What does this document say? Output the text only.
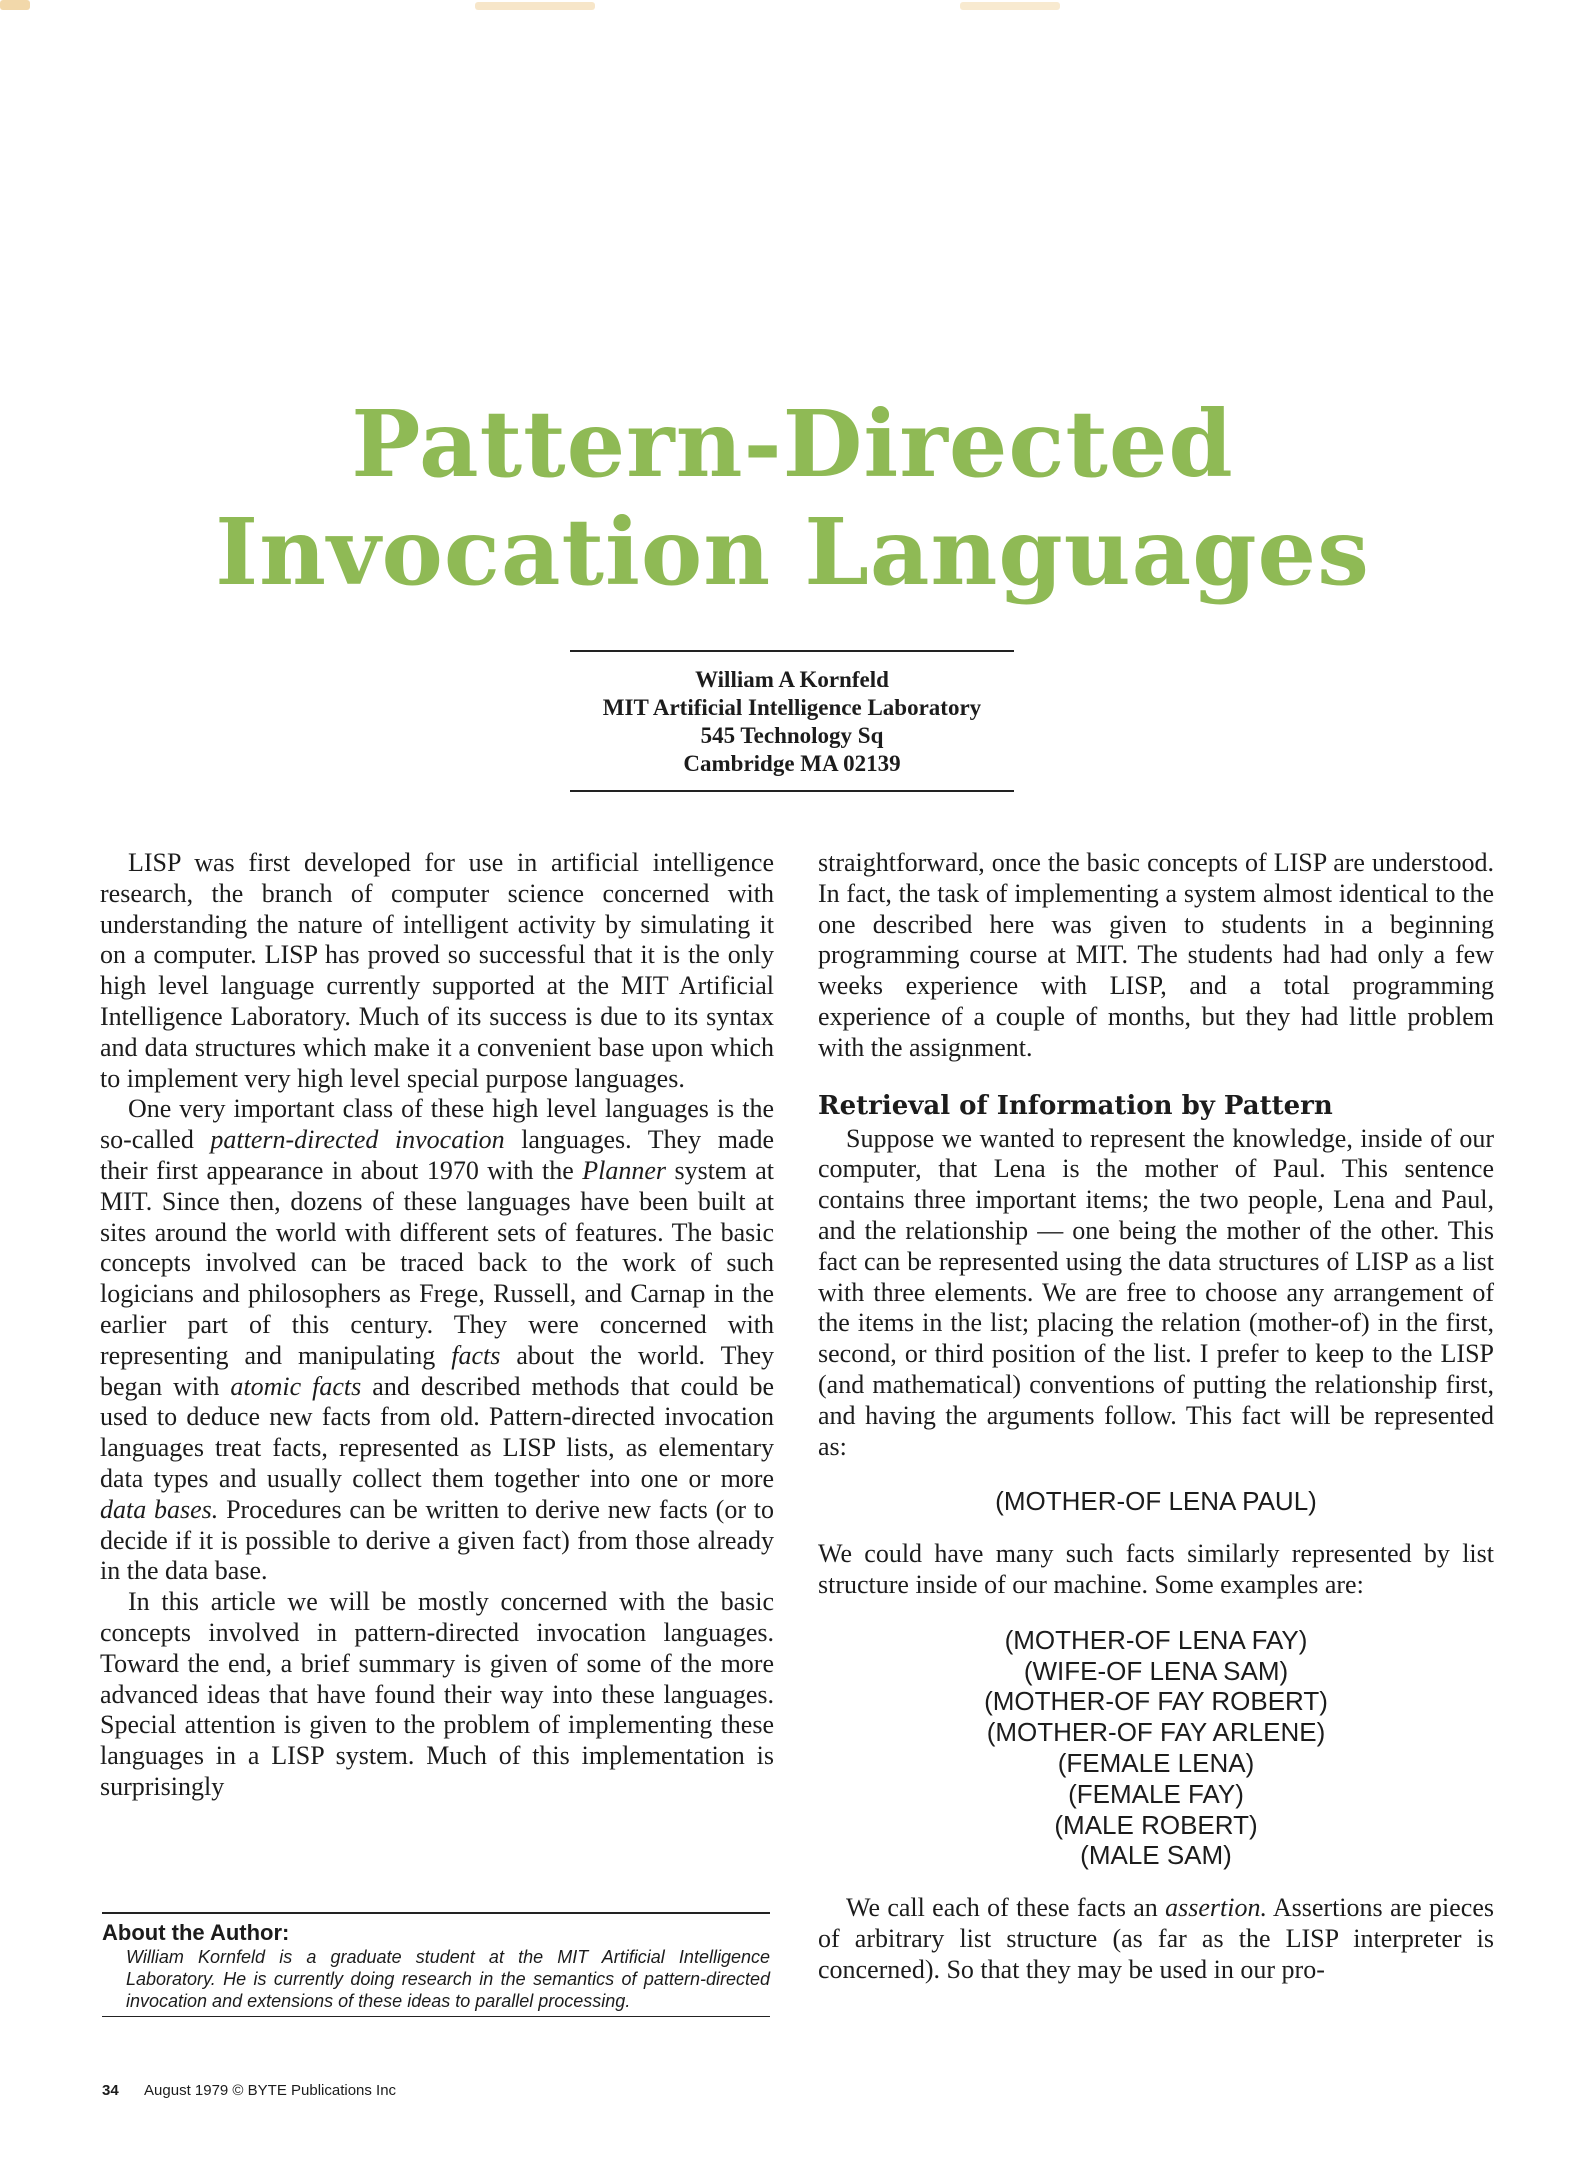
Pattern-Directed
Invocation Languages
William A Kornfeld
MIT Artificial Intelligence Laboratory
545 Technology Sq
Cambridge MA 02139

LISP was first developed for use in artificial intelligence research, the branch of computer science concerned with understanding the nature of intelligent activity by simulating it on a computer. LISP has proved so successful that it is the only high level language currently supported at the MIT Artificial Intelligence Laboratory. Much of its success is due to its syntax and data structures which make it a convenient base upon which to implement very high level special purpose languages.

One very important class of these high level languages is the so-called pattern-directed invocation languages. They made their first appearance in about 1970 with the Planner system at MIT. Since then, dozens of these languages have been built at sites around the world with different sets of features. The basic concepts involved can be traced back to the work of such logicians and philosophers as Frege, Russell, and Carnap in the earlier part of this century. They were concerned with representing and manipulating facts about the world. They began with atomic facts and described methods that could be used to deduce new facts from old. Pattern-directed invocation languages treat facts, represented as LISP lists, as elementary data types and usually collect them together into one or more data bases. Procedures can be written to derive new facts (or to decide if it is possible to derive a given fact) from those already in the data base.

In this article we will be mostly concerned with the basic concepts involved in pattern-directed invocation languages. Toward the end, a brief summary is given of some of the more advanced ideas that have found their way into these languages. Special attention is given to the problem of implementing these languages in a LISP system. Much of this implementation is surprisingly

straightforward, once the basic concepts of LISP are understood. In fact, the task of implementing a system almost identical to the one described here was given to students in a beginning programming course at MIT. The students had had only a few weeks experience with LISP, and a total programming experience of a couple of months, but they had little problem with the assignment.

Retrieval of Information by Pattern

Suppose we wanted to represent the knowledge, inside of our computer, that Lena is the mother of Paul. This sentence contains three important items; the two people, Lena and Paul, and the relationship — one being the mother of the other. This fact can be represented using the data structures of LISP as a list with three elements. We are free to choose any arrangement of the items in the list; placing the relation (mother-of) in the first, second, or third position of the list. I prefer to keep to the LISP (and mathematical) conventions of putting the relationship first, and having the arguments follow. This fact will be represented as:

(MOTHER-OF LENA PAUL)

We could have many such facts similarly represented by list structure inside of our machine. Some examples are:

(MOTHER-OF LENA FAY)
(WIFE-OF LENA SAM)
(MOTHER-OF FAY ROBERT)
(MOTHER-OF FAY ARLENE)
(FEMALE LENA)
(FEMALE FAY)
(MALE ROBERT)
(MALE SAM)

We call each of these facts an assertion. Assertions are pieces of arbitrary list structure (as far as the LISP interpreter is concerned). So that they may be used in our pro-

About the Author:
William Kornfeld is a graduate student at the MIT Artificial Intelligence Laboratory. He is currently doing research in the semantics of pattern-directed invocation and extensions of these ideas to parallel processing.
34 August 1979 © BYTE Publications Inc
